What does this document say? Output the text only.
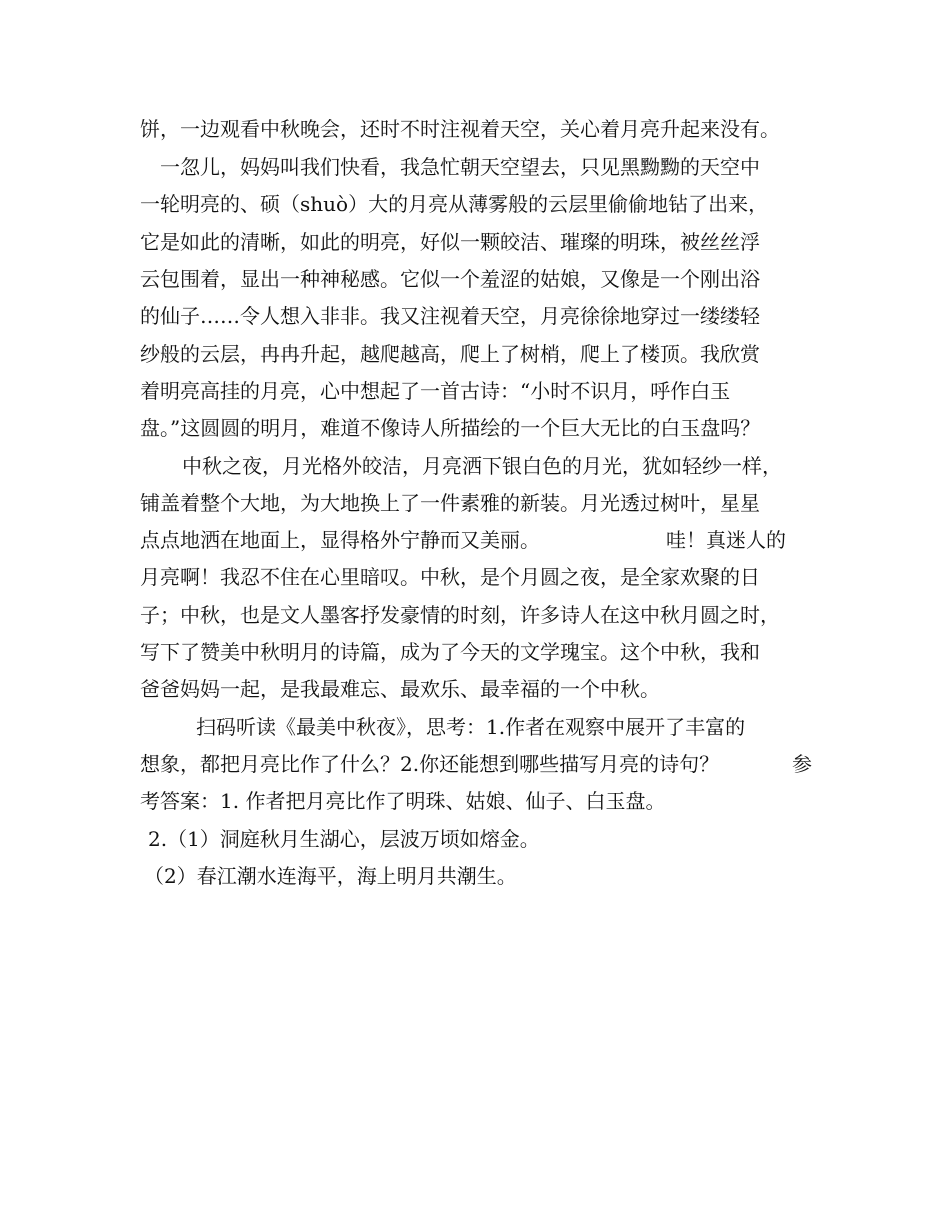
饼，一边观看中秋晚会，还时不时注视着天空，关心着月亮升起来没有。
一忽儿，妈妈叫我们快看，我急忙朝天空望去，只见黑黝黝的天空中
一轮明亮的、硕（shuò）大的月亮从薄雾般的云层里偷偷地钻了出来，
它是如此的清晰，如此的明亮，好似一颗皎洁、璀璨的明珠，被丝丝浮
云包围着，显出一种神秘感。它似一个羞涩的姑娘，又像是一个刚出浴
的仙子……令人想入非非。我又注视着天空，月亮徐徐地穿过一缕缕轻
纱般的云层，冉冉升起，越爬越高，爬上了树梢，爬上了楼顶。我欣赏
着明亮高挂的月亮，心中想起了一首古诗：“小时不识月，呼作白玉
盘。”这圆圆的明月，难道不像诗人所描绘的一个巨大无比的白玉盘吗？
中秋之夜，月光格外皎洁，月亮洒下银白色的月光，犹如轻纱一样，
铺盖着整个大地，为大地换上了一件素雅的新装。月光透过树叶，星星
点点地洒在地面上，显得格外宁静而又美丽。	哇！真迷人的
月亮啊！我忍不住在心里暗叹。中秋，是个月圆之夜，是全家欢聚的日
子；中秋，也是文人墨客抒发豪情的时刻，许多诗人在这中秋月圆之时，
写下了赞美中秋明月的诗篇，成为了今天的文学瑰宝。这个中秋，我和
爸爸妈妈一起，是我最难忘、最欢乐、最幸福的一个中秋。
扫码听读《最美中秋夜》，思考：1.作者在观察中展开了丰富的
想象，都把月亮比作了什么？2.你还能想到哪些描写月亮的诗句？	参
考答案：1. 作者把月亮比作了明珠、姑娘、仙子、白玉盘。
2.（1）洞庭秋月生湖心，层波万顷如熔金。
（2）春江潮水连海平，海上明月共潮生。
